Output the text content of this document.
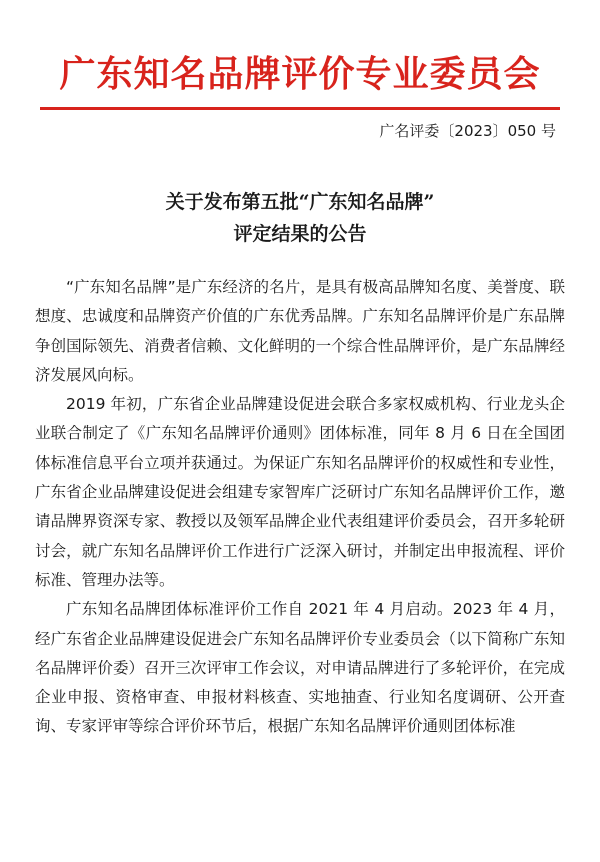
广东知名品牌评价专业委员会
广名评委〔2023〕050 号
关于发布第五批“广东知名品牌”
评定结果的公告

“广东知名品牌”是广东经济的名片，是具有极高品牌知名度、美誉度、联想度、忠诚度和品牌资产价值的广东优秀品牌。广东知名品牌评价是广东品牌争创国际领先、消费者信赖、文化鲜明的一个综合性品牌评价，是广东品牌经济发展风向标。

2019 年初，广东省企业品牌建设促进会联合多家权威机构、行业龙头企业联合制定了《广东知名品牌评价通则》团体标准，同年 8 月 6 日在全国团体标准信息平台立项并获通过。为保证广东知名品牌评价的权威性和专业性，广东省企业品牌建设促进会组建专家智库广泛研讨广东知名品牌评价工作，邀请品牌界资深专家、教授以及领军品牌企业代表组建评价委员会，召开多轮研讨会，就广东知名品牌评价工作进行广泛深入研讨，并制定出申报流程、评价标准、管理办法等。

广东知名品牌团体标准评价工作自 2021 年 4 月启动。2023 年 4 月，经广东省企业品牌建设促进会广东知名品牌评价专业委员会（以下简称广东知名品牌评价委）召开三次评审工作会议，对申请品牌进行了多轮评价，在完成企业申报、资格审查、申报材料核查、实地抽查、行业知名度调研、公开查询、专家评审等综合评价环节后，根据广东知名品牌评价通则团体标准
